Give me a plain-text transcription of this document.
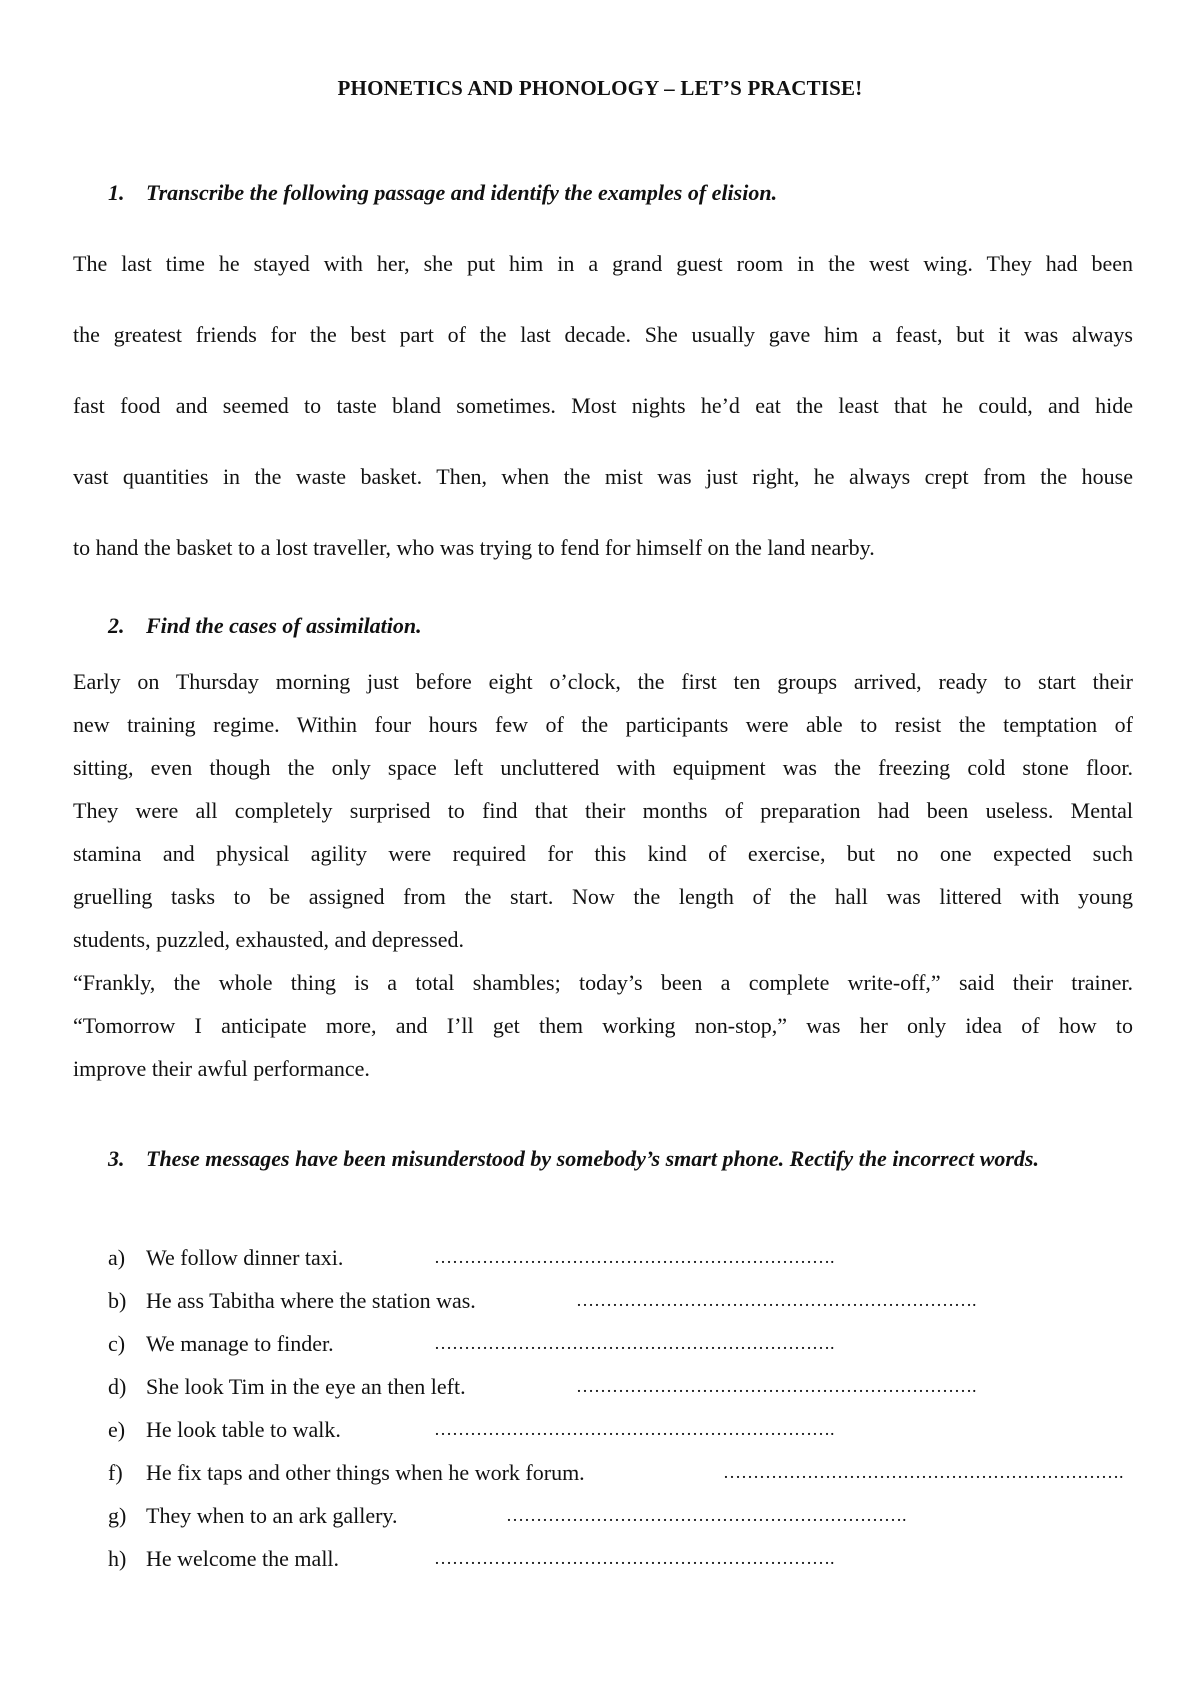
PHONETICS AND PHONOLOGY – LET’S PRACTISE!
1. Transcribe the following passage and identify the examples of elision.
The last time he stayed with her, she put him in a grand guest room in the west wing. They had been
the greatest friends for the best part of the last decade. She usually gave him a feast, but it was always
fast food and seemed to taste bland sometimes. Most nights he’d eat the least that he could, and hide
vast quantities in the waste basket. Then, when the mist was just right, he always crept from the house
to hand the basket to a lost traveller, who was trying to fend for himself on the land nearby.
2. Find the cases of assimilation.
Early on Thursday morning just before eight o’clock, the first ten groups arrived, ready to start their
new training regime. Within four hours few of the participants were able to resist the temptation of
sitting, even though the only space left uncluttered with equipment was the freezing cold stone floor.
They were all completely surprised to find that their months of preparation had been useless. Mental
stamina and physical agility were required for this kind of exercise, but no one expected such
gruelling tasks to be assigned from the start. Now the length of the hall was littered with young
students, puzzled, exhausted, and depressed.
“Frankly, the whole thing is a total shambles; today’s been a complete write-off,” said their trainer.
“Tomorrow I anticipate more, and I’ll get them working non-stop,” was her only idea of how to
improve their awful performance.
3. These messages have been misunderstood by somebody’s smart phone. Rectify the incorrect words.
a) We follow dinner taxi.	………………………………………………………….
b) He ass Tabitha where the station was.	………………………………………………………….
c) We manage to finder.	………………………………………………………….
d) She look Tim in the eye an then left.	………………………………………………………….
e) He look table to walk.	………………………………………………………….
f)	He fix taps and other things when he work forum.	………………………………………………………….
g) They when to an ark gallery.	………………………………………………………….
h) He welcome the mall.	………………………………………………………….
